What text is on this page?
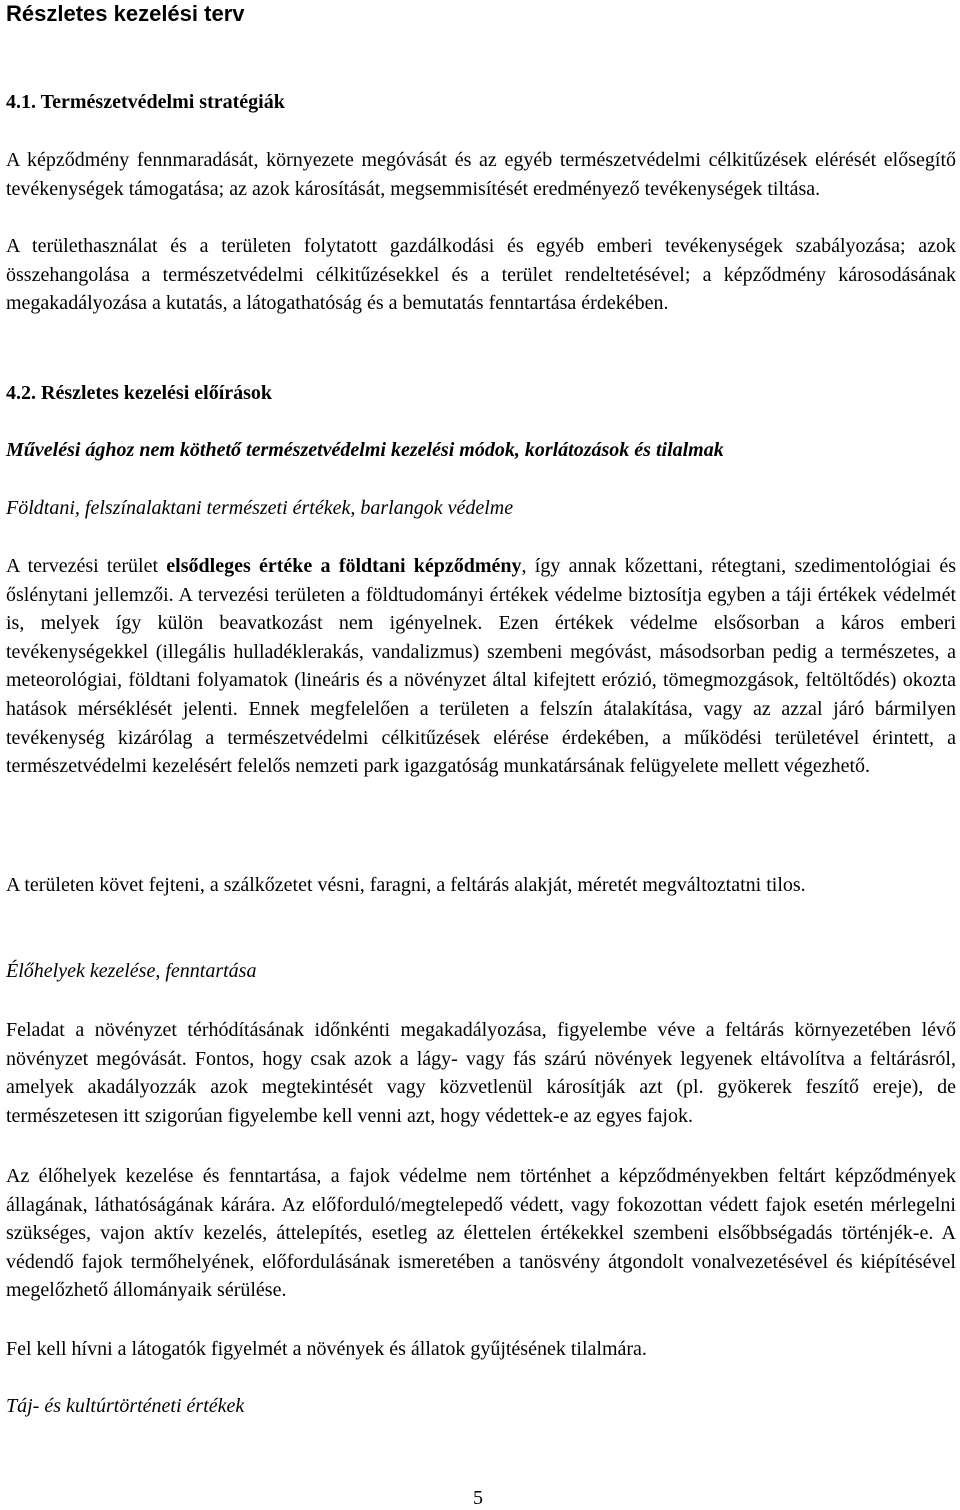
Részletes kezelési terv
4.1. Természetvédelmi stratégiák

A képződmény fennmaradását, környezete megóvását és az egyéb természetvédelmi célkitűzések elérését elősegítő tevékenységek támogatása; az azok károsítását, megsemmisítését eredményező tevékenységek tiltása.

A területhasználat és a területen folytatott gazdálkodási és egyéb emberi tevékenységek szabályozása; azok összehangolása a természetvédelmi célkitűzésekkel és a terület rendeltetésével; a képződmény károsodásának megakadályozása a kutatás, a látogathatóság és a bemutatás fenntartása érdekében.

4.2. Részletes kezelési előírások

Művelési ághoz nem köthető természetvédelmi kezelési módok, korlátozások és tilalmak

Földtani, felszínalaktani természeti értékek, barlangok védelme

A tervezési terület elsődleges értéke a földtani képződmény, így annak kőzettani, rétegtani, szedimentológiai és őslénytani jellemzői. A tervezési területen a földtudományi értékek védelme biztosítja egyben a táji értékek védelmét is, melyek így külön beavatkozást nem igényelnek. Ezen értékek védelme elsősorban a káros emberi tevékenységekkel (illegális hulladéklerakás, vandalizmus) szembeni megóvást, másodsorban pedig a természetes, a meteorológiai, földtani folyamatok (lineáris és a növényzet által kifejtett erózió, tömegmozgások, feltöltődés) okozta hatások mérséklését jelenti. Ennek megfelelően a területen a felszín átalakítása, vagy az azzal járó bármilyen tevékenység kizárólag a természetvédelmi célkitűzések elérése érdekében, a működési területével érintett, a természetvédelmi kezelésért felelős nemzeti park igazgatóság munkatársának felügyelete mellett végezhető.

A területen követ fejteni, a szálkőzetet vésni, faragni, a feltárás alakját, méretét megváltoztatni tilos.

Élőhelyek kezelése, fenntartása

Feladat a növényzet térhódításának időnkénti megakadályozása, figyelembe véve a feltárás környezetében lévő növényzet megóvását. Fontos, hogy csak azok a lágy- vagy fás szárú növények legyenek eltávolítva a feltárásról, amelyek akadályozzák azok megtekintését vagy közvetlenül károsítják azt (pl. gyökerek feszítő ereje), de természetesen itt szigorúan figyelembe kell venni azt, hogy védettek-e az egyes fajok.

Az élőhelyek kezelése és fenntartása, a fajok védelme nem történhet a képződményekben feltárt képződmények állagának, láthatóságának kárára. Az előforduló/megtelepedő védett, vagy fokozottan védett fajok esetén mérlegelni szükséges, vajon aktív kezelés, áttelepítés, esetleg az élettelen értékekkel szembeni elsőbbségadás történjék-e. A védendő fajok termőhelyének, előfordulásának ismeretében a tanösvény átgondolt vonalvezetésével és kiépítésével megelőzhető állományaik sérülése.

Fel kell hívni a látogatók figyelmét a növények és állatok gyűjtésének tilalmára.

Táj- és kultúrtörténeti értékek

5
